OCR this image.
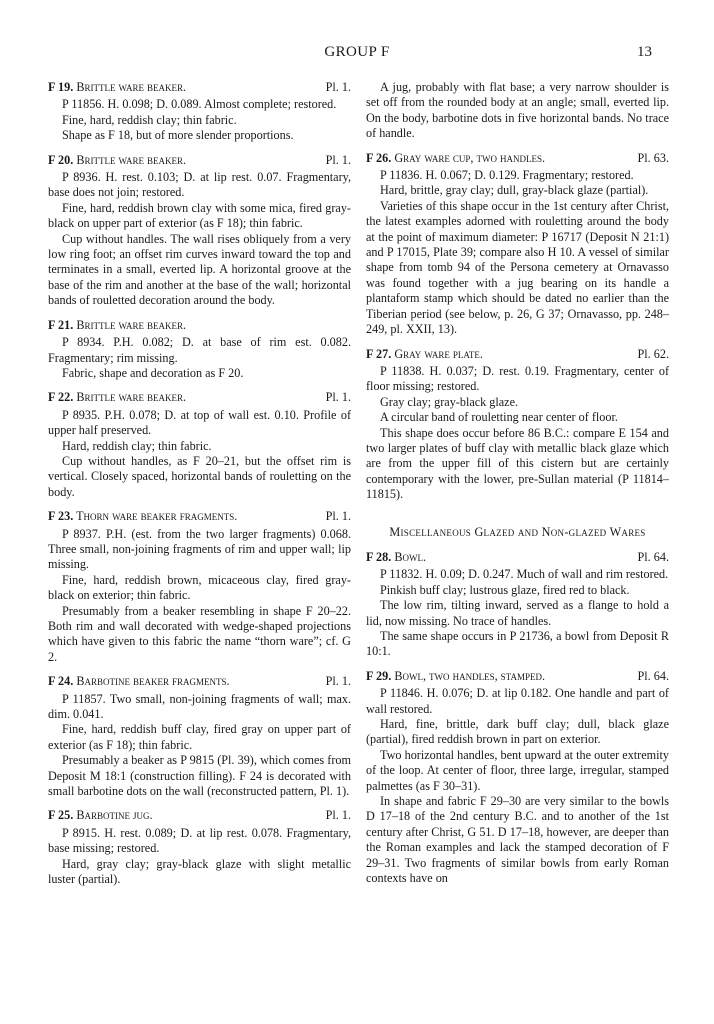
GROUP F	13
F 19. Brittle ware beaker.	Pl. 1.

P 11856. H. 0.098; D. 0.089. Almost complete; restored.

Fine, hard, reddish clay; thin fabric.

Shape as F 18, but of more slender proportions.

F 20. Brittle ware beaker.	Pl. 1.

P 8936. H. rest. 0.103; D. at lip rest. 0.07. Fragmentary, base does not join; restored.

Fine, hard, reddish brown clay with some mica, fired gray-black on upper part of exterior (as F 18); thin fabric.

Cup without handles. The wall rises obliquely from a very low ring foot; an offset rim curves inward toward the top and terminates in a small, everted lip. A horizontal groove at the base of the rim and another at the base of the wall; horizontal bands of rouletted decoration around the body.

F 21. Brittle ware beaker.

P 8934. P.H. 0.082; D. at base of rim est. 0.082. Fragmentary; rim missing.

Fabric, shape and decoration as F 20.

F 22. Brittle ware beaker.	Pl. 1.

P 8935. P.H. 0.078; D. at top of wall est. 0.10. Profile of upper half preserved.

Hard, reddish clay; thin fabric.

Cup without handles, as F 20–21, but the offset rim is vertical. Closely spaced, horizontal bands of rouletting on the body.

F 23. Thorn ware beaker fragments.	Pl. 1.

P 8937. P.H. (est. from the two larger fragments) 0.068. Three small, non-joining fragments of rim and upper wall; lip missing.

Fine, hard, reddish brown, micaceous clay, fired gray-black on exterior; thin fabric.

Presumably from a beaker resembling in shape F 20–22. Both rim and wall decorated with wedge-shaped projections which have given to this fabric the name “thorn ware”; cf. G 2.

F 24. Barbotine beaker fragments.	Pl. 1.

P 11857. Two small, non-joining fragments of wall; max. dim. 0.041.

Fine, hard, reddish buff clay, fired gray on upper part of exterior (as F 18); thin fabric.

Presumably a beaker as P 9815 (Pl. 39), which comes from Deposit M 18:1 (construction filling). F 24 is decorated with small barbotine dots on the wall (reconstructed pattern, Pl. 1).

F 25. Barbotine jug.	Pl. 1.

P 8915. H. rest. 0.089; D. at lip rest. 0.078. Fragmentary, base missing; restored.

Hard, gray clay; gray-black glaze with slight metallic luster (partial).

A jug, probably with flat base; a very narrow shoulder is set off from the rounded body at an angle; small, everted lip. On the body, barbotine dots in five horizontal bands. No trace of handle.

F 26. Gray ware cup, two handles.	Pl. 63.

P 11836. H. 0.067; D. 0.129. Fragmentary; restored.

Hard, brittle, gray clay; dull, gray-black glaze (partial).

Varieties of this shape occur in the 1st century after Christ, the latest examples adorned with rouletting around the body at the point of maximum diameter: P 16717 (Deposit N 21:1) and P 17015, Plate 39; compare also H 10. A vessel of similar shape from tomb 94 of the Persona cemetery at Ornavasso was found together with a jug bearing on its handle a plantaform stamp which should be dated no earlier than the Tiberian period (see below, p. 26, G 37; Ornavasso, pp. 248–249, pl. XXII, 13).

F 27. Gray ware plate.	Pl. 62.

P 11838. H. 0.037; D. rest. 0.19. Fragmentary, center of floor missing; restored.

Gray clay; gray-black glaze.

A circular band of rouletting near center of floor.

This shape does occur before 86 B.C.: compare E 154 and two larger plates of buff clay with metallic black glaze which are from the upper fill of this cistern but are certainly contemporary with the lower, pre-Sullan material (P 11814–11815).

Miscellaneous Glazed and Non-glazed Wares
F 28. Bowl.	Pl. 64.

P 11832. H. 0.09; D. 0.247. Much of wall and rim restored.

Pinkish buff clay; lustrous glaze, fired red to black.

The low rim, tilting inward, served as a flange to hold a lid, now missing. No trace of handles.

The same shape occurs in P 21736, a bowl from Deposit R 10:1.

F 29. Bowl, two handles, stamped.	Pl. 64.

P 11846. H. 0.076; D. at lip 0.182. One handle and part of wall restored.

Hard, fine, brittle, dark buff clay; dull, black glaze (partial), fired reddish brown in part on exterior.

Two horizontal handles, bent upward at the outer extremity of the loop. At center of floor, three large, irregular, stamped palmettes (as F 30–31).

In shape and fabric F 29–30 are very similar to the bowls D 17–18 of the 2nd century B.C. and to another of the 1st century after Christ, G 51. D 17–18, however, are deeper than the Roman examples and lack the stamped decoration of F 29–31. Two fragments of similar bowls from early Roman contexts have on
